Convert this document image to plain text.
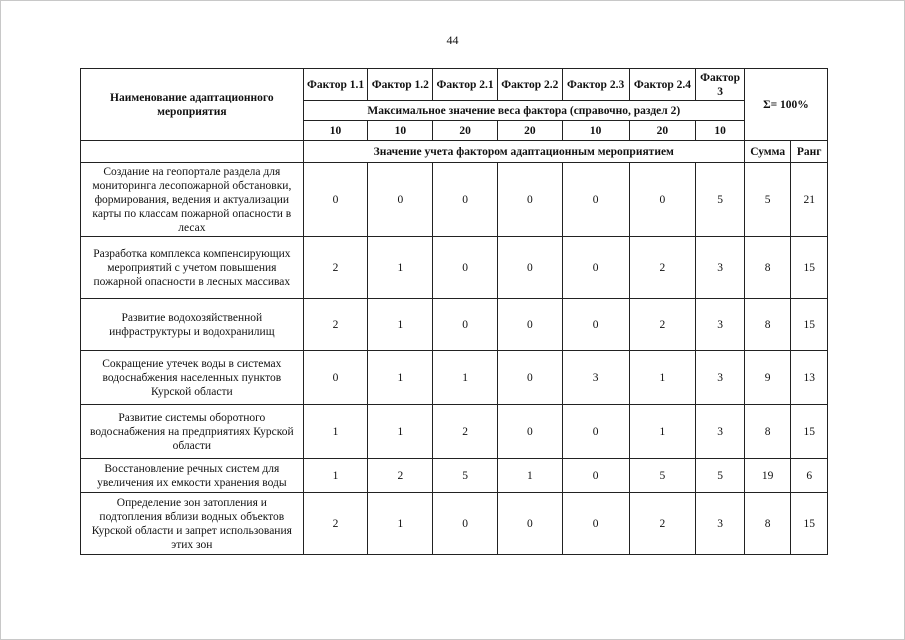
44
Наименование адаптационного мероприятия	Фактор 1.1	Фактор 1.2	Фактор 2.1	Фактор 2.2	Фактор 2.3	Фактор 2.4	Фактор 3	Σ= 100%	
	Максимальное значение веса фактора (справочно, раздел 2)								
	10	10	20	20	10	20	10		
	Значение учета фактором адаптационным мероприятием							Сумма	Ранг
Создание на геопортале раздела для мониторинга лесопожарной обстановки, формирования, ведения и актуализации карты по классам пожарной опасности в лесах	0	0	0	0	0	0	5	5	21
Разработка комплекса компенсирующих мероприятий с учетом повышения пожарной опасности в лесных массивах	2	1	0	0	0	2	3	8	15
Развитие водохозяйственной инфраструктуры и водохранилищ	2	1	0	0	0	2	3	8	15
Сокращение утечек воды в системах водоснабжения населенных пунктов Курской области	0	1	1	0	3	1	3	9	13
Развитие системы оборотного водоснабжения на предприятиях Курской области	1	1	2	0	0	1	3	8	15
Восстановление речных систем для увеличения их емкости хранения воды	1	2	5	1	0	5	5	19	6
Определение зон затопления и подтопления вблизи водных объектов Курской области и запрет использования этих зон	2	1	0	0	0	2	3	8	15
